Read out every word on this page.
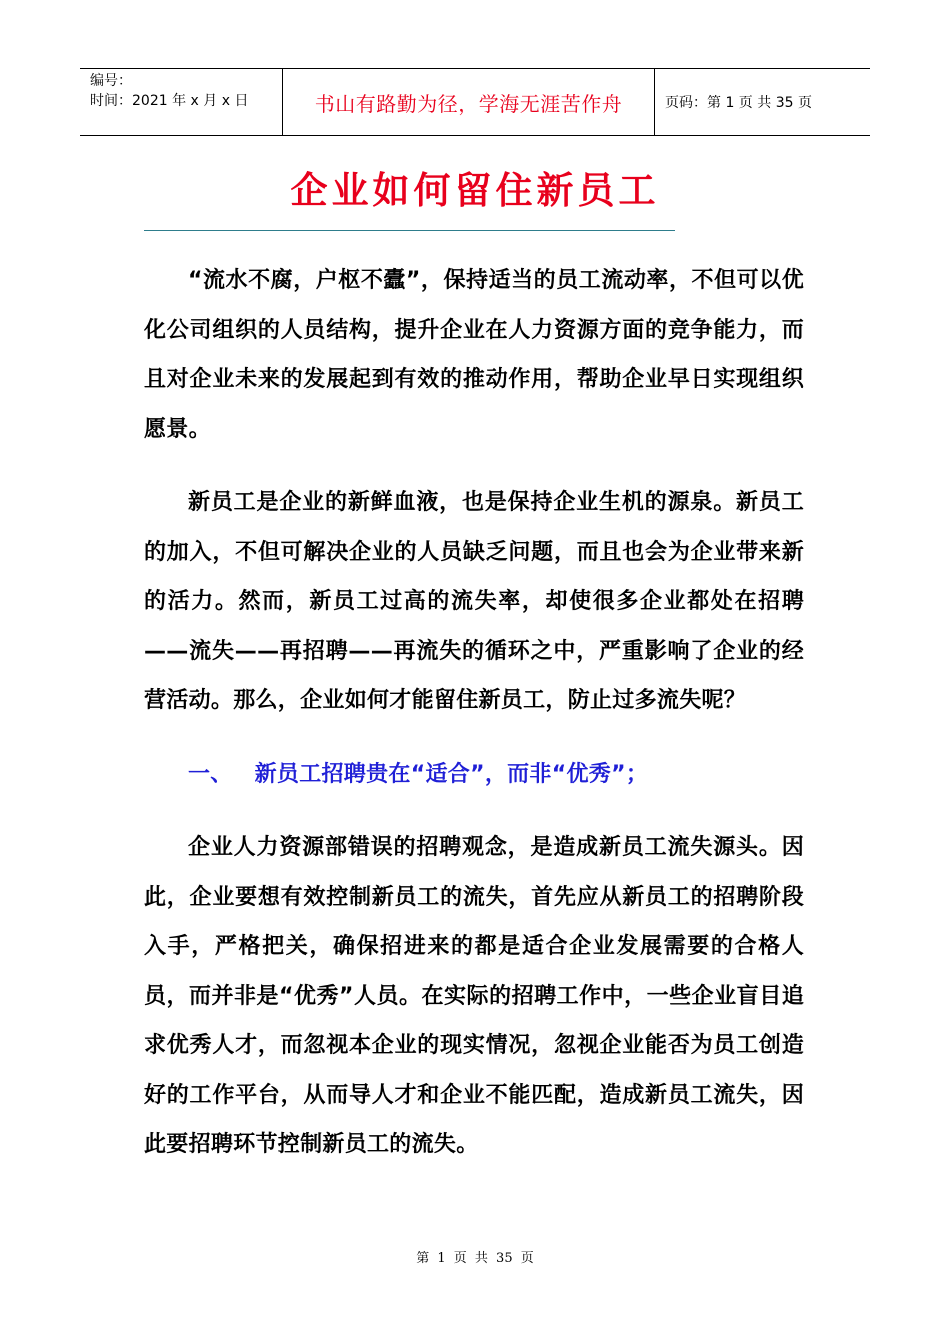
编号：
时间：2021 年 x 月 x 日	书山有路勤为径，学海无涯苦作舟	页码：第 1 页 共 35 页
企业如何留住新员工

“流水不腐，户枢不蠹”，保持适当的员工流动率，不但可以优化公司组织的人员结构，提升企业在人力资源方面的竞争能力，而且对企业未来的发展起到有效的推动作用，帮助企业早日实现组织愿景。

新员工是企业的新鲜血液，也是保持企业生机的源泉。新员工的加入，不但可解决企业的人员缺乏问题，而且也会为企业带来新的活力。然而，新员工过高的流失率，却使很多企业都处在招聘——流失——再招聘——再流失的循环之中，严重影响了企业的经营活动。那么，企业如何才能留住新员工，防止过多流失呢？

一、 新员工招聘贵在“适合”，而非“优秀”；

企业人力资源部错误的招聘观念，是造成新员工流失源头。因此，企业要想有效控制新员工的流失，首先应从新员工的招聘阶段入手，严格把关，确保招进来的都是适合企业发展需要的合格人员，而并非是“优秀”人员。在实际的招聘工作中，一些企业盲目追求优秀人才，而忽视本企业的现实情况，忽视企业能否为员工创造好的工作平台，从而导人才和企业不能匹配，造成新员工流失，因此要招聘环节控制新员工的流失。

第 1 页 共 35 页
